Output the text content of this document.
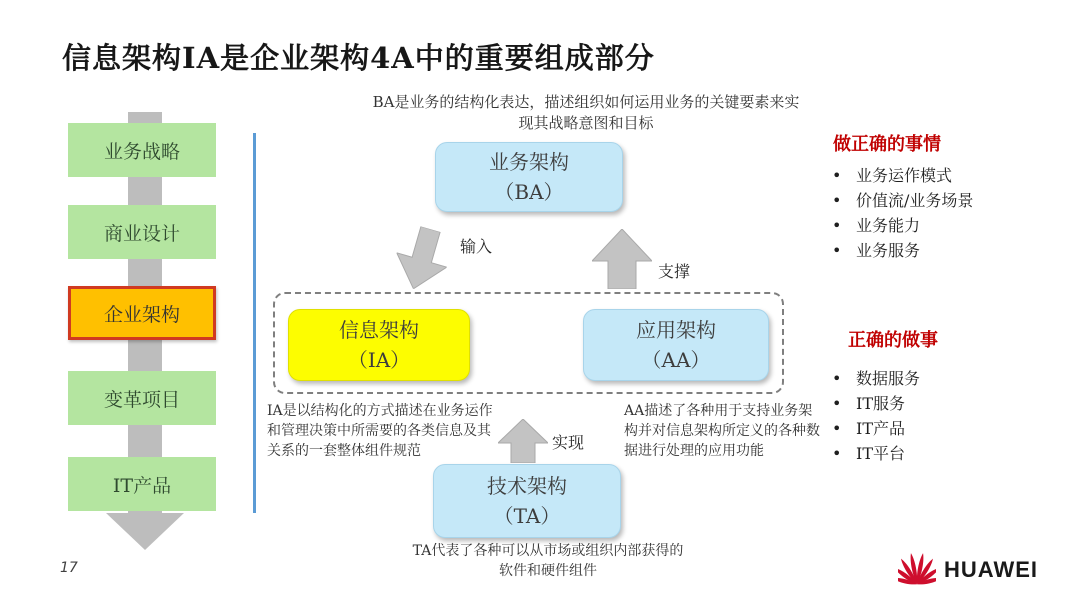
信息架构IA是企业架构4A中的重要组成部分
业务战略
商业设计
企业架构
变革项目
IT产品
BA是业务的结构化表达，描述组织如何运用业务的关键要素来实现其战略意图和目标
业务架构
（BA）
输入
支撑
信息架构
（IA）
应用架构
（AA）
IA是以结构化的方式描述在业务运作和管理决策中所需要的各类信息及其关系的一套整体组件规范
AA描述了各种用于支持业务架构并对信息架构所定义的各种数据进行处理的应用功能
实现
技术架构
（TA）
TA代表了各种可以从市场或组织内部获得的软件和硬件组件
做正确的事情
• 业务运作模式
• 价值流/业务场景
• 业务能力
• 业务服务
正确的做事
• 数据服务
• IT服务
• IT产品
• IT平台
17	HUAWEI
